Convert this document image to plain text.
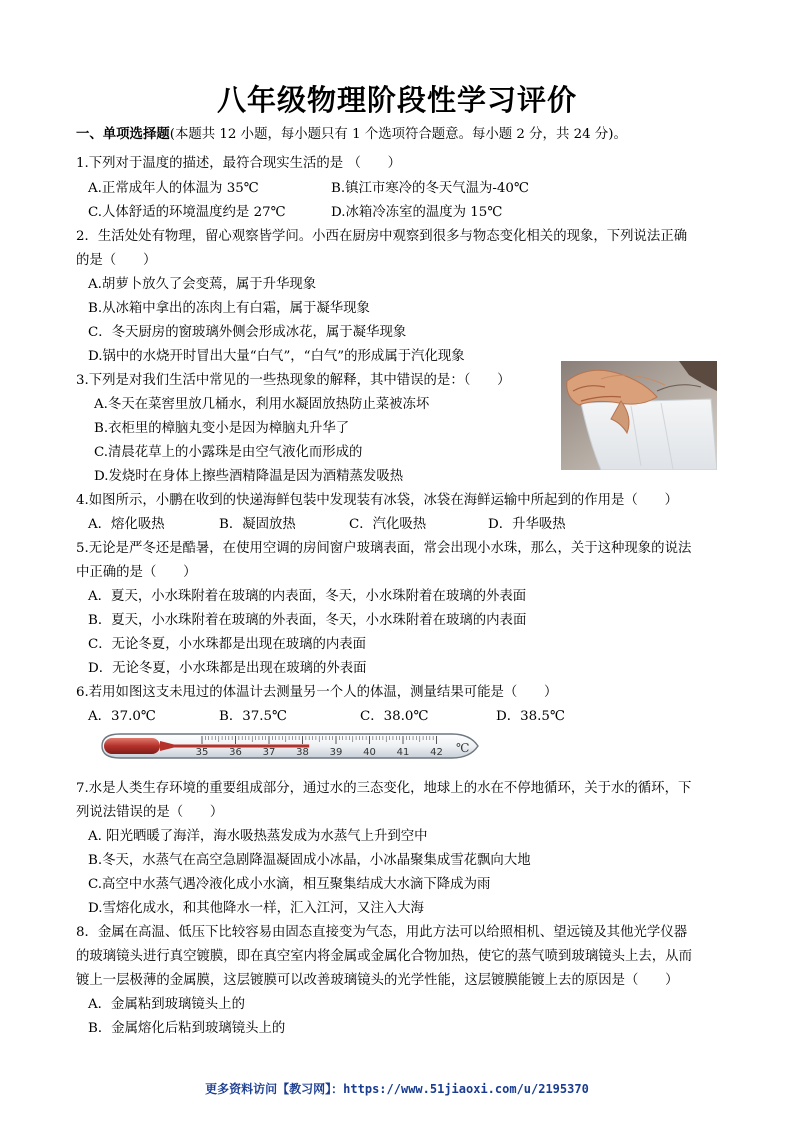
八年级物理阶段性学习评价
一、单项选择题(本题共 12 小题，每小题只有 1 个选项符合题意。每小题 2 分，共 24 分)。
1.下列对于温度的描述，最符合现实生活的是 （　　）
A.正常成年人的体温为 35℃	B.镇江市寒冷的冬天气温为-40℃
C.人体舒适的环境温度约是 27℃	D.冰箱冷冻室的温度为 15℃
2．生活处处有物理，留心观察皆学问。小西在厨房中观察到很多与物态变化相关的现象，下列说法正确
的是（　　）
A.胡萝卜放久了会变蔫，属于升华现象
B.从冰箱中拿出的冻肉上有白霜，属于凝华现象
C．冬天厨房的窗玻璃外侧会形成冰花，属于凝华现象
D.锅中的水烧开时冒出大量“白气”，“白气”的形成属于汽化现象
3.下列是对我们生活中常见的一些热现象的解释，其中错误的是：（　　）
A.冬天在菜窖里放几桶水，利用水凝固放热防止菜被冻坏
B.衣柜里的樟脑丸变小是因为樟脑丸升华了
C.清晨花草上的小露珠是由空气液化而形成的
D.发烧时在身体上擦些酒精降温是因为酒精蒸发吸热
4.如图所示，小鹏在收到的快递海鲜包装中发现装有冰袋，冰袋在海鲜运输中所起到的作用是（　　）
A．熔化吸热	B．凝固放热	C．汽化吸热	D．升华吸热
5.无论是严冬还是酷暑，在使用空调的房间窗户玻璃表面，常会出现小水珠，那么，关于这种现象的说法
中正确的是（　　）
A．夏天，小水珠附着在玻璃的内表面，冬天，小水珠附着在玻璃的外表面
B．夏天，小水珠附着在玻璃的外表面，冬天，小水珠附着在玻璃的内表面
C．无论冬夏，小水珠都是出现在玻璃的内表面
D．无论冬夏，小水珠都是出现在玻璃的外表面
6.若用如图这支未甩过的体温计去测量另一个人的体温，测量结果可能是（　　）
A．37.0℃	B．37.5℃	C．38.0℃	D．38.5℃
35 36 37 38 39 40 41 42 ℃
7.水是人类生存环境的重要组成部分，通过水的三态变化，地球上的水在不停地循环，关于水的循环，下
列说法错误的是（　　）
A. 阳光晒暖了海洋，海水吸热蒸发成为水蒸气上升到空中
B.冬天，水蒸气在高空急剧降温凝固成小冰晶，小冰晶聚集成雪花飘向大地
C.高空中水蒸气遇冷液化成小水滴，相互聚集结成大水滴下降成为雨
D.雪熔化成水，和其他降水一样，汇入江河，又注入大海
8．金属在高温、低压下比较容易由固态直接变为气态，用此方法可以给照相机、望远镜及其他光学仪器
的玻璃镜头进行真空镀膜，即在真空室内将金属或金属化合物加热，使它的蒸气喷到玻璃镜头上去，从而
镀上一层极薄的金属膜，这层镀膜可以改善玻璃镜头的光学性能，这层镀膜能镀上去的原因是（　　）
A．金属粘到玻璃镜头上的
B．金属熔化后粘到玻璃镜头上的
更多资料访问【教习网】：https://www.51jiaoxi.com/u/2195370
